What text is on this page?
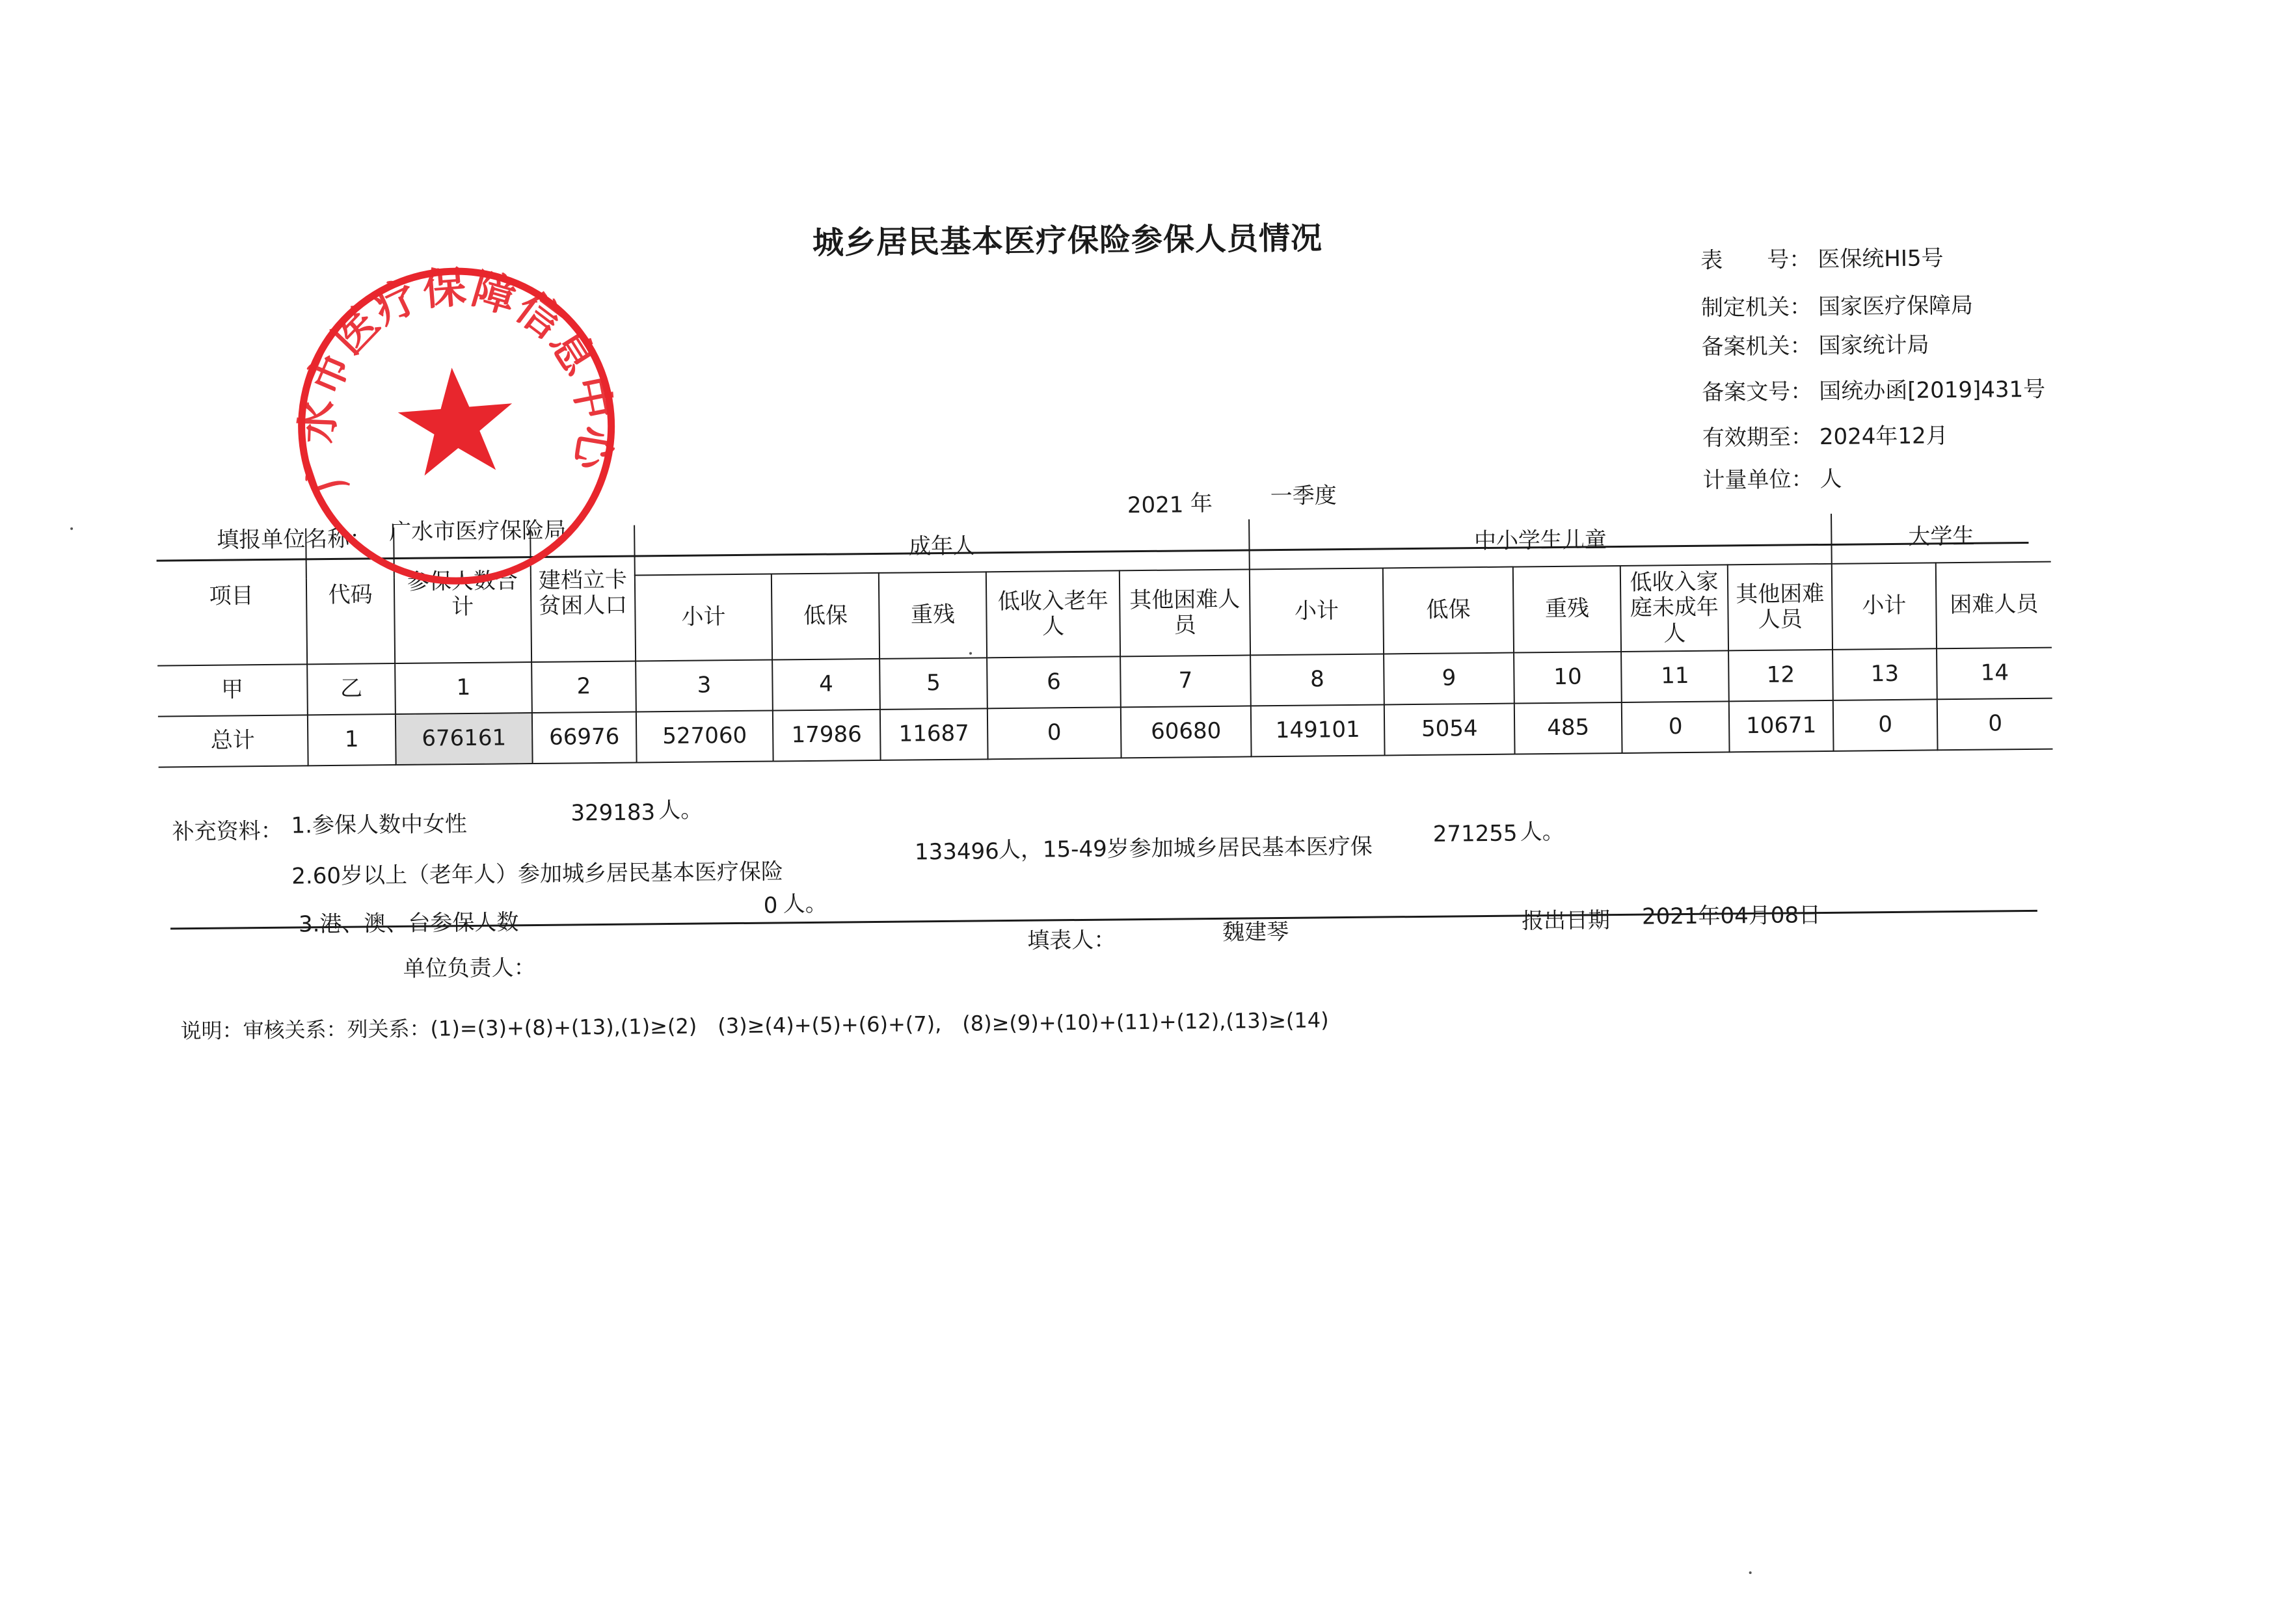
城乡居民基本医疗保险参保人员情况	表　　号： 医保统HI5号
制定机关： 国家医疗保障局
备案机关： 国家统计局
备案文号： 国统办函[2019]431号
有效期至： 2024年12月
计量单位： 人
填报单位名称： 广水市医疗保险局
2021 年	一季度
项目	代码	参保人数合计	建档立卡贫困人口	成年人					中小学生儿童					大学生	
				小计	低保	重残	低收入老年人	其他困难人员	小计	低保	重残	低收入家庭未成年人	其他困难人员	小计	困难人员
甲	乙	1	2	3	4	5	6	7	8	9	10	11	12	13	14
总计	1	676161	66976	527060	17986	11687	0	60680	149101	5054	485	0	10671	0	0
补充资料： 1.参保人数中女性	329183 人。
2.60岁以上（老年人）参加城乡居民基本医疗保险
133496
人，15-49岁参加城乡居民基本医疗保	271255 人。
3.港、澳、台参保人数
0 人。
单位负责人：
填表人：	魏建琴	报出日期 2021年04月08日
说明：审核关系：列关系：(1)=(3)+(8)+(13),(1)≥(2)　(3)≥(4)+(5)+(6)+(7),　(8)≥(9)+(10)+(11)+(12),(13)≥(14)
广水市医疗保障信息中心
